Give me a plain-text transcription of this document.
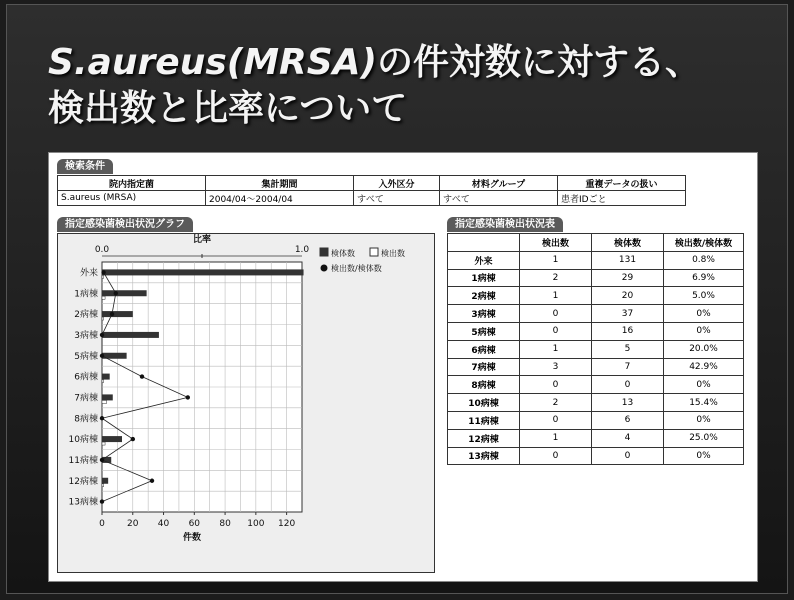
S.aureus(MRSA)の件対数に対する、
検出数と比率について
検索条件
院内指定菌	集計期間	入外区分	材料グループ	重複データの扱い
S.aureus (MRSA)	2004/04～2004/04	すべて	すべて	患者IDごと
指定感染菌検出状況グラフ	指定感染菌検出状況表
外来
1病棟
2病棟
3病棟
5病棟
6病棟
7病棟
8病棟
10病棟
11病棟
12病棟
13病棟
0 20 40 60 80 100 120
件数
0.0	1.0
比率
検体数	検出数
検出数/検体数
	検出数	検体数	検出数/検体数
外来	1	131	0.8%
1病棟	2	29	6.9%
2病棟	1	20	5.0%
3病棟	0	37	0%
5病棟	0	16	0%
6病棟	1	5	20.0%
7病棟	3	7	42.9%
8病棟	0	0	0%
10病棟	2	13	15.4%
11病棟	0	6	0%
12病棟	1	4	25.0%
13病棟	0	0	0%
